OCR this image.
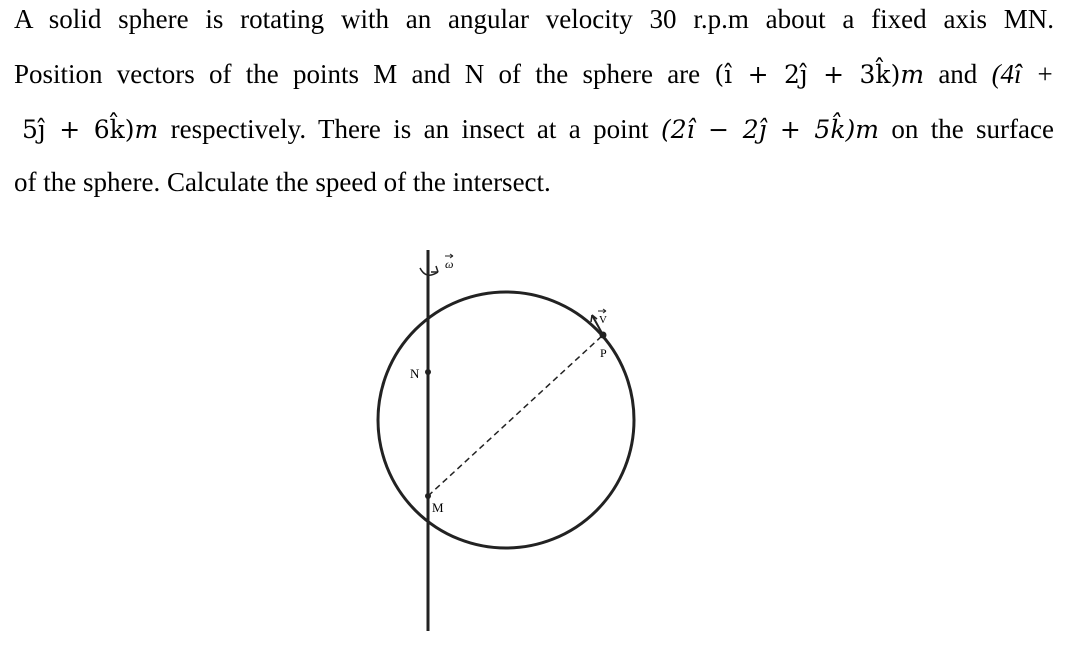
A solid sphere is rotating with an angular velocity 30 r.p.m about a fixed axis MN.
Position vectors of the points M and N of the sphere are (î + 2ĵ + 3k̂)m and (4î +
5ĵ + 6k̂)m respectively. There is an insect at a point (2î − 2ĵ + 5k̂)m on the surface
of the sphere. Calculate the speed of the intersect.
ω
N
M
P
V
